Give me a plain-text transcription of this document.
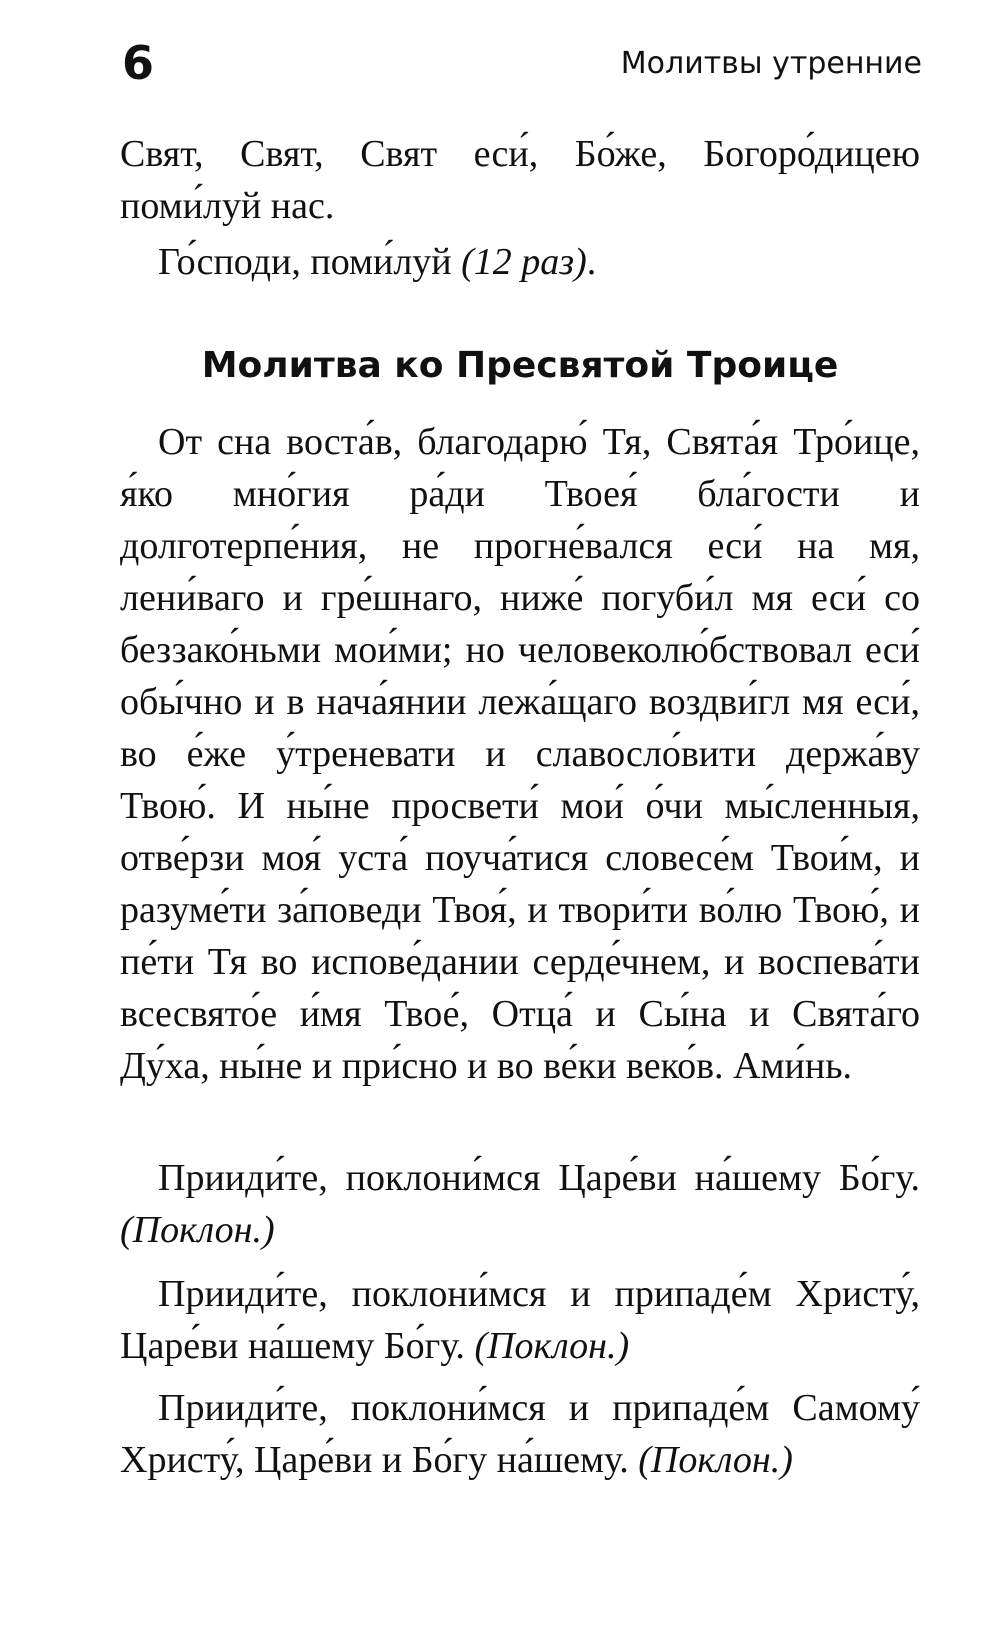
6	Молитвы утренние

Свят, Свят, Свят еси́, Бо́же, Богоро́дицею поми́луй нас.

Го́споди, поми́луй (12 раз).

Молитва ко Пресвятой Троице

От сна воста́в, благодарю́ Тя, Свята́я Тро́ице, я́ко мно́гия ра́ди Твоея́ бла́гости и долготерпе́ния, не прогне́вался еси́ на мя, лени́ваго и гре́шнаго, ниже́ погуби́л мя еси́ со беззако́ньми мои́ми; но человеколю́бствовал еси́ обы́чно и в нача́янии лежа́щаго воздви́гл мя еси́, во е́же у́треневати и славосло́вити держа́ву Твою́. И ны́не просвети́ мои́ о́чи мы́сленныя, отве́рзи моя́ уста́ поуча́тися словесе́м Твои́м, и разуме́ти за́поведи Твоя́, и твори́ти во́лю Твою́, и пе́ти Тя во испове́дании серде́чнем, и воспева́ти всесвято́е и́мя Твое́, Отца́ и Сы́на и Свята́го Ду́ха, ны́не и при́сно и во ве́ки веко́в. Ами́нь.

Прииди́те, поклони́мся Царе́ви на́шему Бо́гу. (Поклон.)

Прииди́те, поклони́мся и припаде́м Христу́, Царе́ви на́шему Бо́гу. (Поклон.)

Прииди́те, поклони́мся и припаде́м Самому́ Христу́, Царе́ви и Бо́гу на́шему. (Поклон.)
